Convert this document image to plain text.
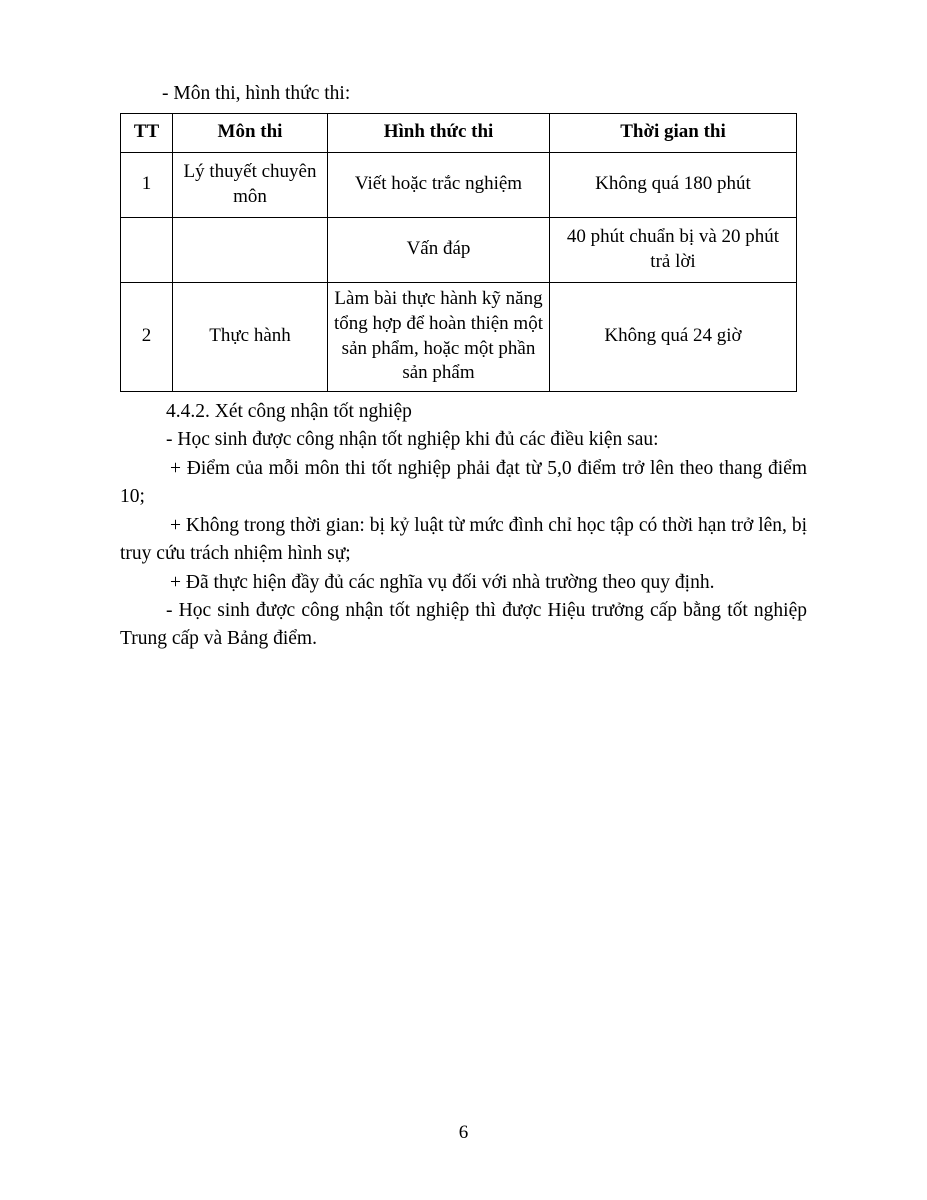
- Môn thi, hình thức thi:

TT	Môn thi	Hình thức thi	Thời gian thi
1	Lý thuyết chuyên môn	Viết hoặc trắc nghiệm	Không quá 180 phút
		Vấn đáp	40 phút chuẩn bị và 20 phút trả lời
2	Thực hành	Làm bài thực hành kỹ năng tổng hợp để hoàn thiện một sản phẩm, hoặc một phần sản phẩm	Không quá 24 giờ

4.4.2. Xét công nhận tốt nghiệp

- Học sinh được công nhận tốt nghiệp khi đủ các điều kiện sau:

+ Điểm của mỗi môn thi tốt nghiệp phải đạt từ 5,0 điểm trở lên theo thang điểm 10;

+ Không trong thời gian: bị kỷ luật từ mức đình chỉ học tập có thời hạn trở lên, bị truy cứu trách nhiệm hình sự;

+ Đã thực hiện đầy đủ các nghĩa vụ đối với nhà trường theo quy định.

- Học sinh được công nhận tốt nghiệp thì được Hiệu trưởng cấp bằng tốt nghiệp Trung cấp và Bảng điểm.

6
